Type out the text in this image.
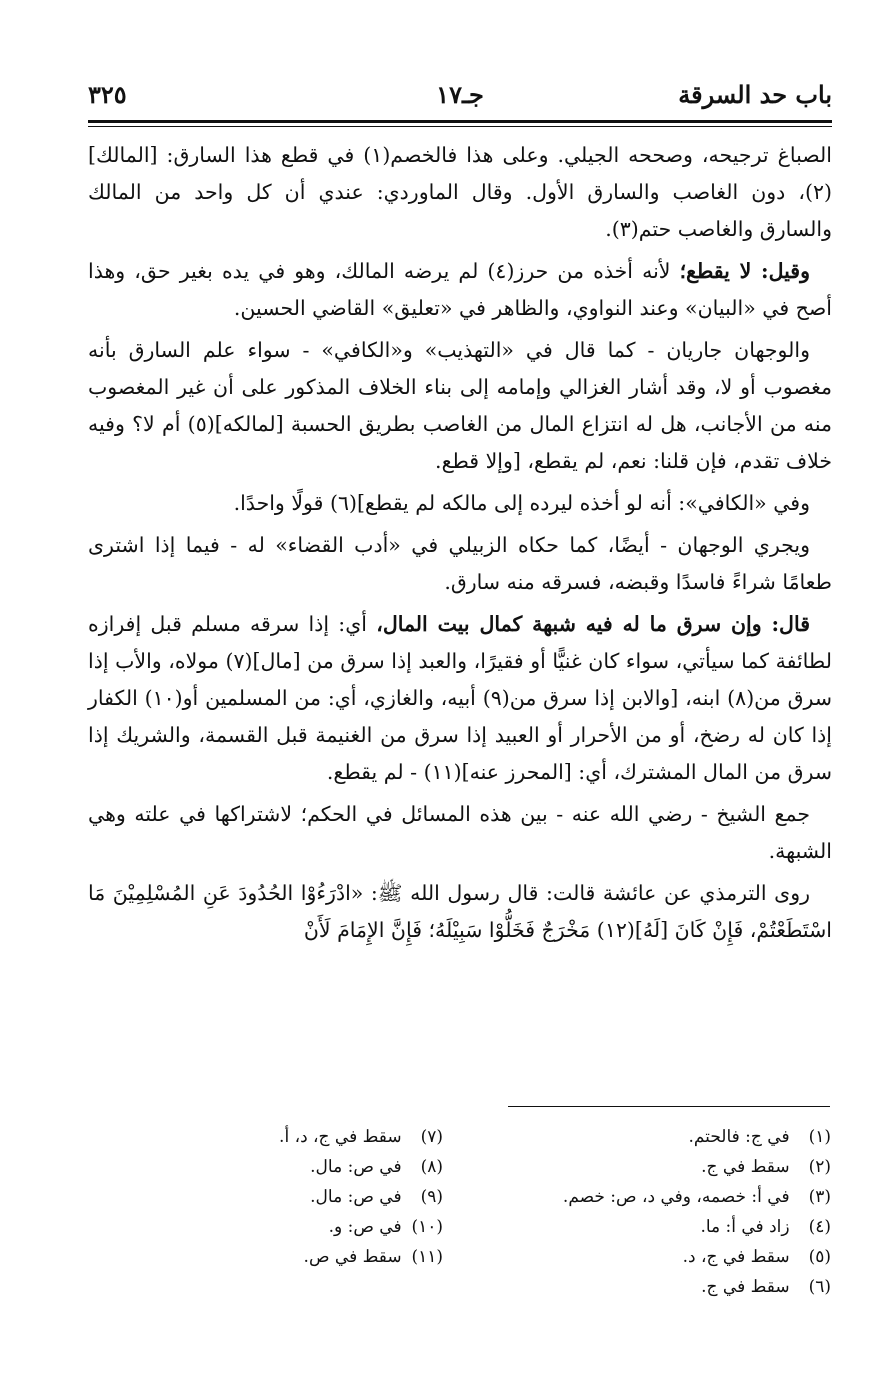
باب حد السرقة
جـ١٧
٣٢٥

الصباغ ترجيحه، وصححه الجيلي. وعلى هذا فالخصم(١) في قطع هذا السارق: [المالك](٢)، دون الغاصب والسارق الأول. وقال الماوردي: عندي أن كل واحد من المالك والسارق والغاصب حتم(٣).

وقيل: لا يقطع؛ لأنه أخذه من حرز(٤) لم يرضه المالك، وهو في يده بغير حق، وهذا أصح في «البيان» وعند النواوي، والظاهر في «تعليق» القاضي الحسين.

والوجهان جاريان - كما قال في «التهذيب» و«الكافي» - سواء علم السارق بأنه مغصوب أو لا، وقد أشار الغزالي وإمامه إلى بناء الخلاف المذكور على أن غير المغصوب منه من الأجانب، هل له انتزاع المال من الغاصب بطريق الحسبة [لمالكه](٥) أم لا؟ وفيه خلاف تقدم، فإن قلنا: نعم، لم يقطع، [وإلا قطع.

وفي «الكافي»: أنه لو أخذه ليرده إلى مالكه لم يقطع](٦) قولًا واحدًا.

ويجري الوجهان - أيضًا، كما حكاه الزبيلي في «أدب القضاء» له - فيما إذا اشترى طعامًا شراءً فاسدًا وقبضه، فسرقه منه سارق.

قال: وإن سرق ما له فيه شبهة كمال بيت المال، أي: إذا سرقه مسلم قبل إفرازه لطائفة كما سيأتي، سواء كان غنيًّا أو فقيرًا، والعبد إذا سرق من [مال](٧) مولاه، والأب إذا سرق من(٨) ابنه، [والابن إذا سرق من(٩) أبيه، والغازي، أي: من المسلمين أو(١٠) الكفار إذا كان له رضخ، أو من الأحرار أو العبيد إذا سرق من الغنيمة قبل القسمة، والشريك إذا سرق من المال المشترك، أي: [المحرز عنه](١١) - لم يقطع.

جمع الشيخ - رضي الله عنه - بين هذه المسائل في الحكم؛ لاشتراكها في علته وهي الشبهة.

روى الترمذي عن عائشة قالت: قال رسول الله ﷺ: «ادْرَءُوْا الحُدُودَ عَنِ المُسْلِمِيْنَ مَا اسْتَطَعْتُمْ، فَإِنْ كَانَ [لَهُ](١٢) مَخْرَجٌ فَخَلُّوْا سَبِيْلَهُ؛ فَإِنَّ الإِمَامَ لَأَنْ

(١) في ج: فالحتم.
(٢) سقط في ج.
(٣) في أ: خصمه، وفي د، ص: خصم.
(٤) زاد في أ: ما.
(٥) سقط في ج، د.
(٦) سقط في ج.
(٧) سقط في ج، د، أ.
(٨) في ص: مال.
(٩) في ص: مال.
(١٠) في ص: و.
(١١) سقط في ص.
